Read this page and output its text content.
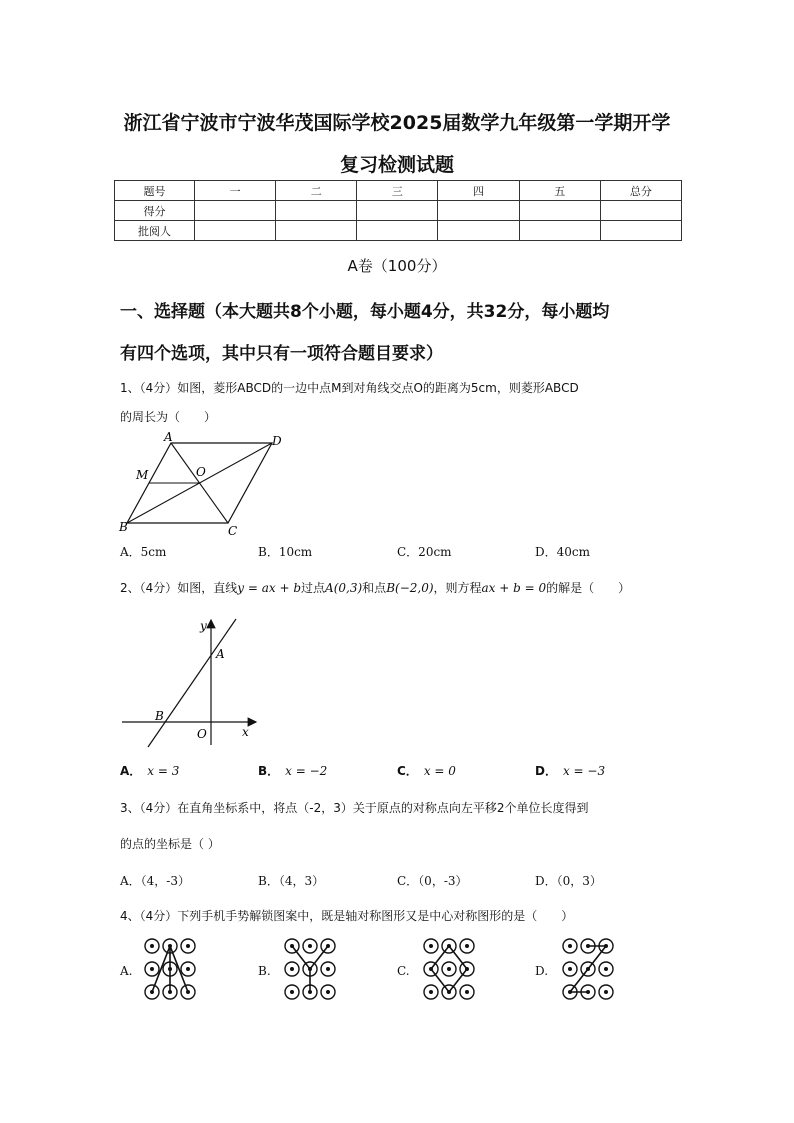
浙江省宁波市宁波华茂国际学校2025届数学九年级第一学期开学
复习检测试题
题号	一	二	三	四	五	总分
得分						
批阅人						
A卷（100分）
一、选择题（本大题共8个小题，每小题4分，共32分，每小题均
有四个选项，其中只有一项符合题目要求）
1、（4分）如图，菱形ABCD的一边中点M到对角线交点O的距离为5cm，则菱形ABCD
的周长为（　　）
A	D
M	O
B	C
A．5cm	B．10cm	C．20cm	D．40cm
2、（4分）如图，直线y = ax + b过点A(0,3)和点B(−2,0)，则方程ax + b = 0的解是（　　）
y
A
B
O	x
A． x = 3	B． x = −2	C． x = 0	D． x = −3
3、（4分）在直角坐标系中，将点（-2，3）关于原点的对称点向左平移2个单位长度得到
的点的坐标是（ ）
A．（4，-3）	B．（4，3）	C．（0，-3）	D．（0，3）
4、（4分）下列手机手势解锁图案中，既是轴对称图形又是中心对称图形的是（　　）
A.	B.	C.	D.
